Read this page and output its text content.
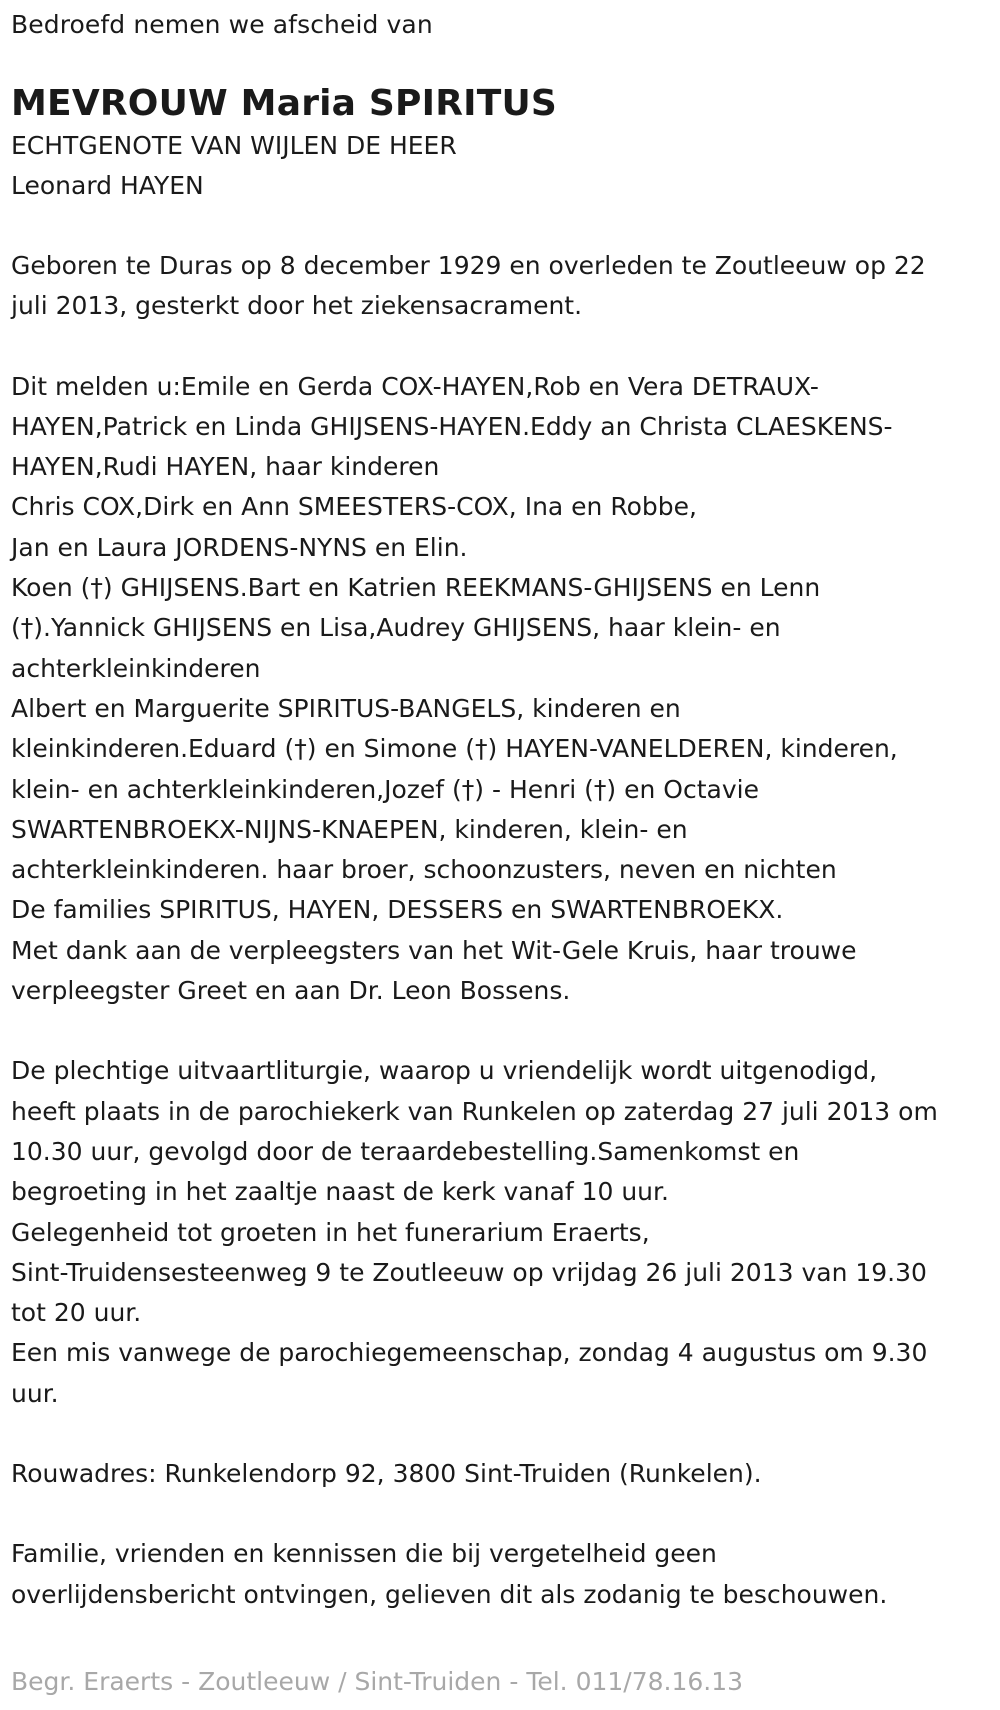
Bedroefd nemen we afscheid van

MEVROUW Maria SPIRITUS

ECHTGENOTE VAN WIJLEN DE HEER

Leonard HAYEN

Geboren te Duras op 8 december 1929 en overleden te Zoutleeuw op 22
juli 2013, gesterkt door het ziekensacrament.

Dit melden u:Emile en Gerda COX-HAYEN,Rob en Vera DETRAUX-
HAYEN,Patrick en Linda GHIJSENS-HAYEN.Eddy an Christa CLAESKENS-
HAYEN,Rudi HAYEN, haar kinderen
Chris COX,Dirk en Ann SMEESTERS-COX, Ina en Robbe,
Jan en Laura JORDENS-NYNS en Elin.
Koen (†) GHIJSENS.Bart en Katrien REEKMANS-GHIJSENS en Lenn
(†).Yannick GHIJSENS en Lisa,Audrey GHIJSENS, haar klein- en
achterkleinkinderen
Albert en Marguerite SPIRITUS-BANGELS, kinderen en
kleinkinderen.Eduard (†) en Simone (†) HAYEN-VANELDEREN, kinderen,
klein- en achterkleinkinderen,Jozef (†) - Henri (†) en Octavie
SWARTENBROEKX-NIJNS-KNAEPEN, kinderen, klein- en
achterkleinkinderen. haar broer, schoonzusters, neven en nichten
De families SPIRITUS, HAYEN, DESSERS en SWARTENBROEKX.
Met dank aan de verpleegsters van het Wit-Gele Kruis, haar trouwe
verpleegster Greet en aan Dr. Leon Bossens.

De plechtige uitvaartliturgie, waarop u vriendelijk wordt uitgenodigd,
heeft plaats in de parochiekerk van Runkelen op zaterdag 27 juli 2013 om
10.30 uur, gevolgd door de teraardebestelling.Samenkomst en
begroeting in het zaaltje naast de kerk vanaf 10 uur.
Gelegenheid tot groeten in het funerarium Eraerts,
Sint-Truidensesteenweg 9 te Zoutleeuw op vrijdag 26 juli 2013 van 19.30
tot 20 uur.
Een mis vanwege de parochiegemeenschap, zondag 4 augustus om 9.30
uur.

Rouwadres: Runkelendorp 92, 3800 Sint-Truiden (Runkelen).

Familie, vrienden en kennissen die bij vergetelheid geen
overlijdensbericht ontvingen, gelieven dit als zodanig te beschouwen.

Begr. Eraerts - Zoutleeuw / Sint-Truiden - Tel. 011/78.16.13
